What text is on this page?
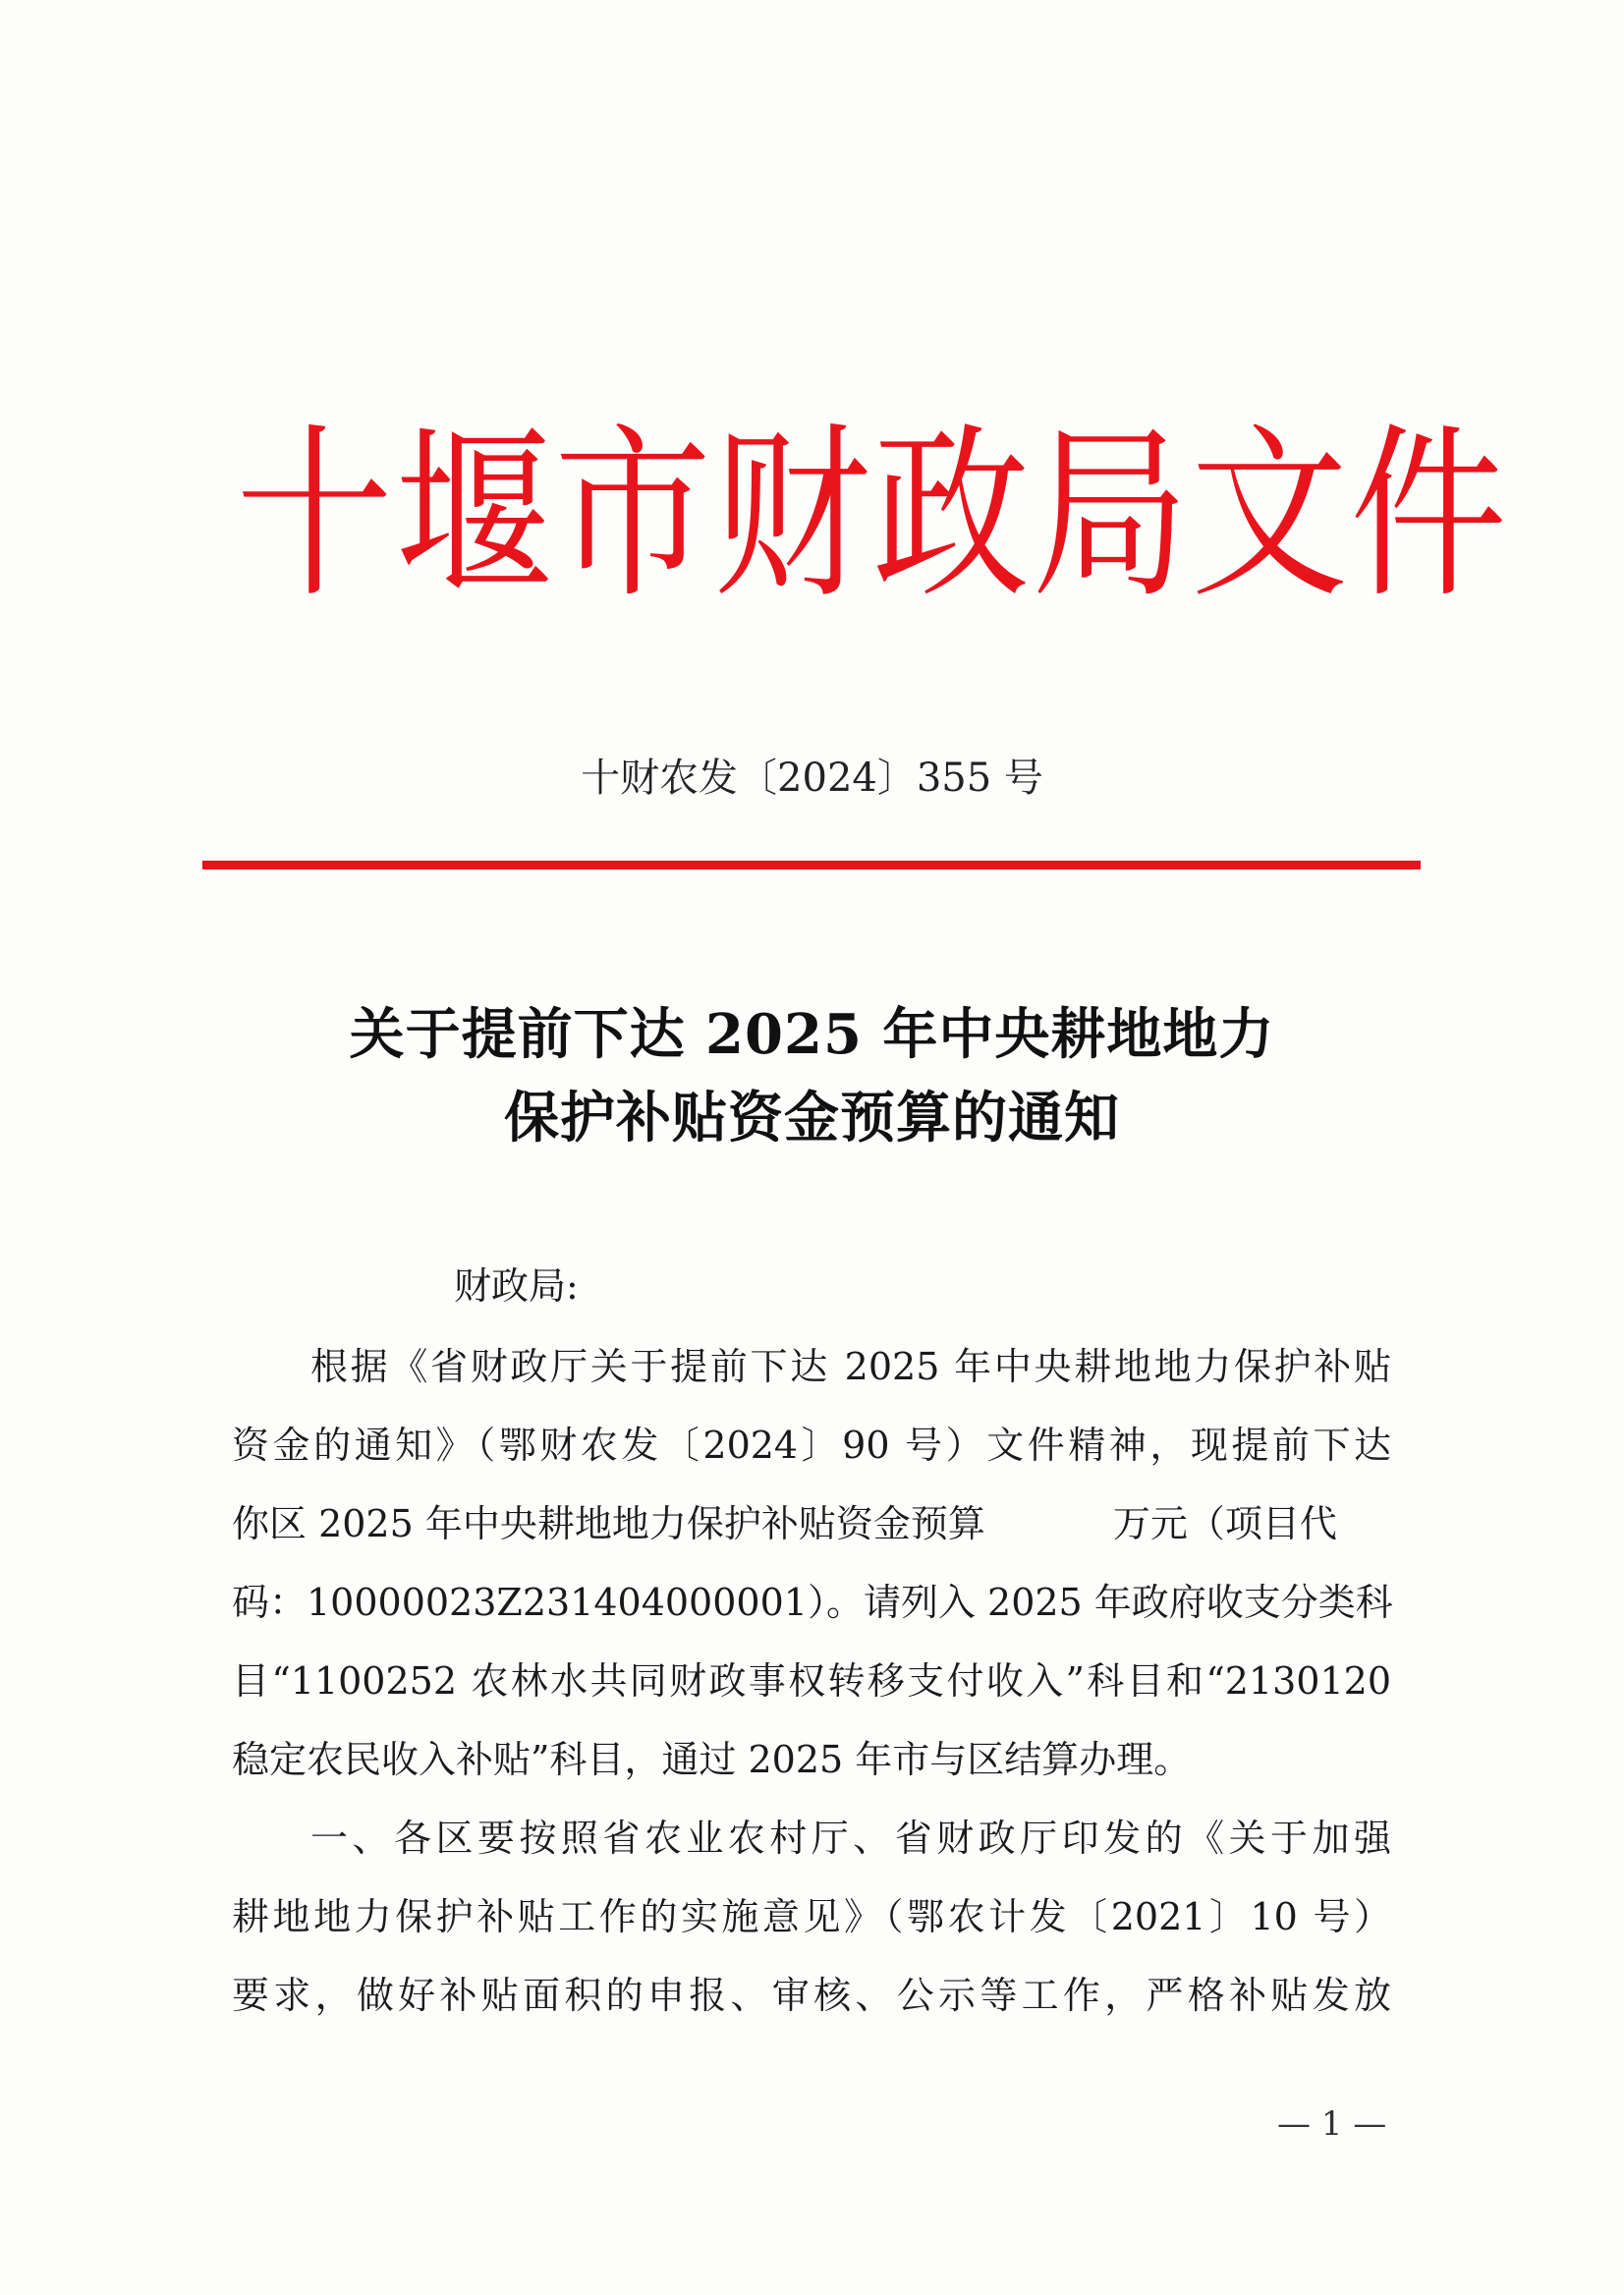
十堰市财政局文件
十财农发〔2024〕355 号
关于提前下达 2025 年中央耕地地力
保护补贴资金预算的通知
财政局:
根据《省财政厅关于提前下达 2025 年中央耕地地力保护补贴
资金的通知》（鄂财农发〔2024〕90 号）文件精神，现提前下达
你区 2025 年中央耕地地力保护补贴资金预算	万元（项目代
码：10000023Z231404000001）。请列入 2025 年政府收支分类科
目“1100252 农林水共同财政事权转移支付收入”科目和“2130120
稳定农民收入补贴”科目，通过 2025 年市与区结算办理。
一、各区要按照省农业农村厅、省财政厅印发的《关于加强
耕地地力保护补贴工作的实施意见》（鄂农计发〔2021〕10 号）
要求，做好补贴面积的申报、审核、公示等工作，严格补贴发放
— 1 —
